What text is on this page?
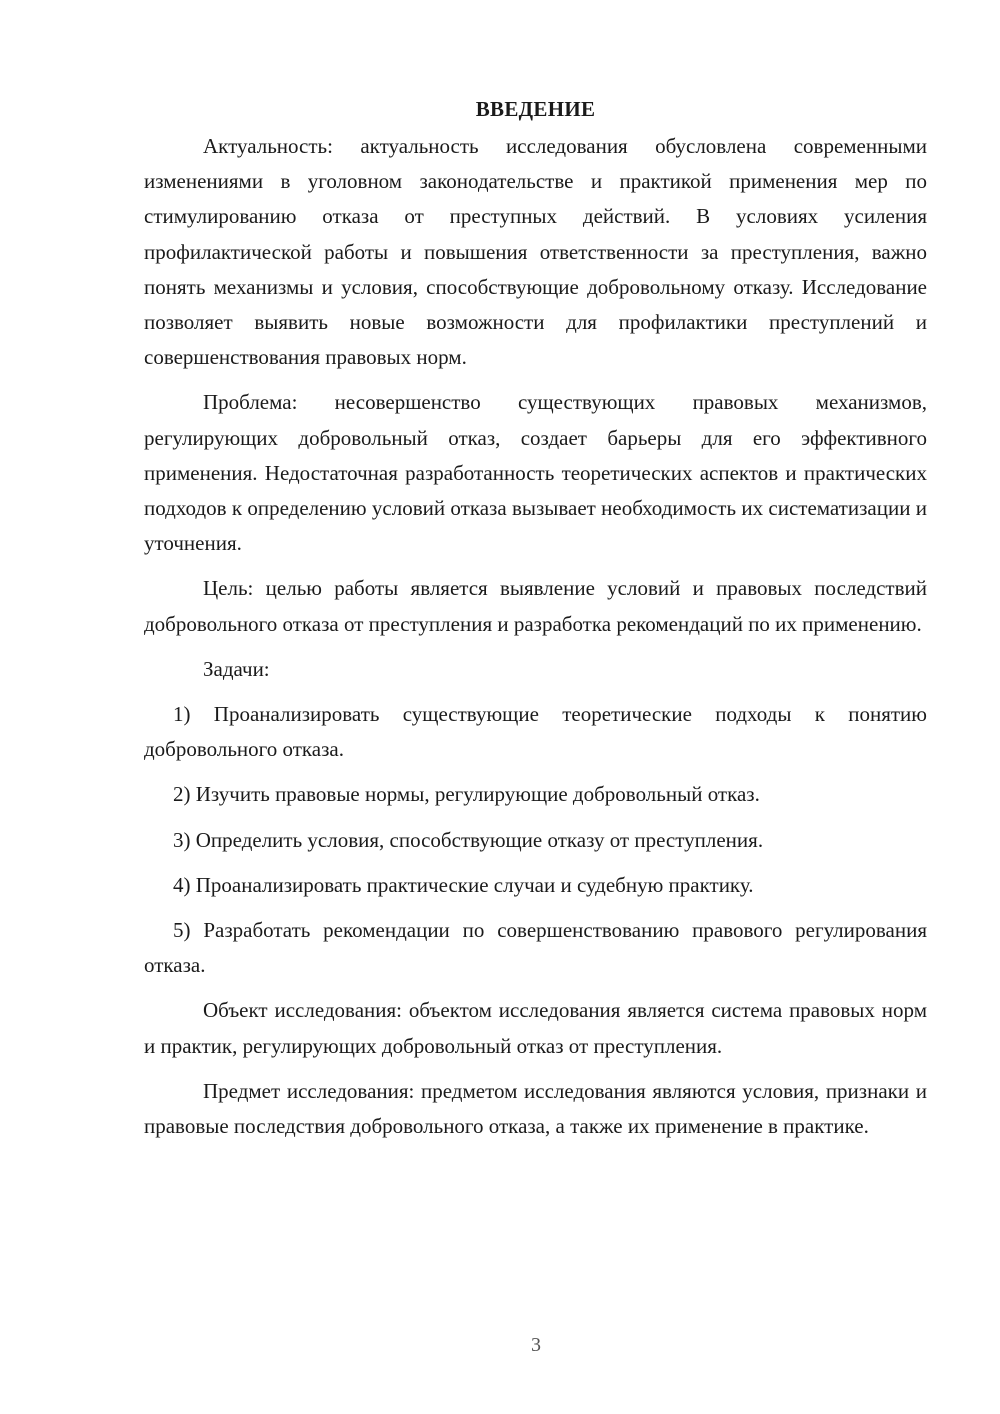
ВВЕДЕНИЕ

Актуальность: актуальность исследования обусловлена современными изменениями в уголовном законодательстве и практикой применения мер по стимулированию отказа от преступных действий. В условиях усиления профилактической работы и повышения ответственности за преступления, важно понять механизмы и условия, способствующие добровольному отказу. Исследование позволяет выявить новые возможности для профилактики преступлений и совершенствования правовых норм.

Проблема: несовершенство существующих правовых механизмов, регулирующих добровольный отказ, создает барьеры для его эффективного применения. Недостаточная разработанность теоретических аспектов и практических подходов к определению условий отказа вызывает необходимость их систематизации и уточнения.

Цель: целью работы является выявление условий и правовых последствий добровольного отказа от преступления и разработка рекомендаций по их применению.

Задачи:

1) Проанализировать существующие теоретические подходы к понятию добровольного отказа.

2) Изучить правовые нормы, регулирующие добровольный отказ.

3) Определить условия, способствующие отказу от преступления.

4) Проанализировать практические случаи и судебную практику.

5) Разработать рекомендации по совершенствованию правового регулирования отказа.

Объект исследования: объектом исследования является система правовых норм и практик, регулирующих добровольный отказ от преступления.

Предмет исследования: предметом исследования являются условия, признаки и правовые последствия добровольного отказа, а также их применение в практике.

3
